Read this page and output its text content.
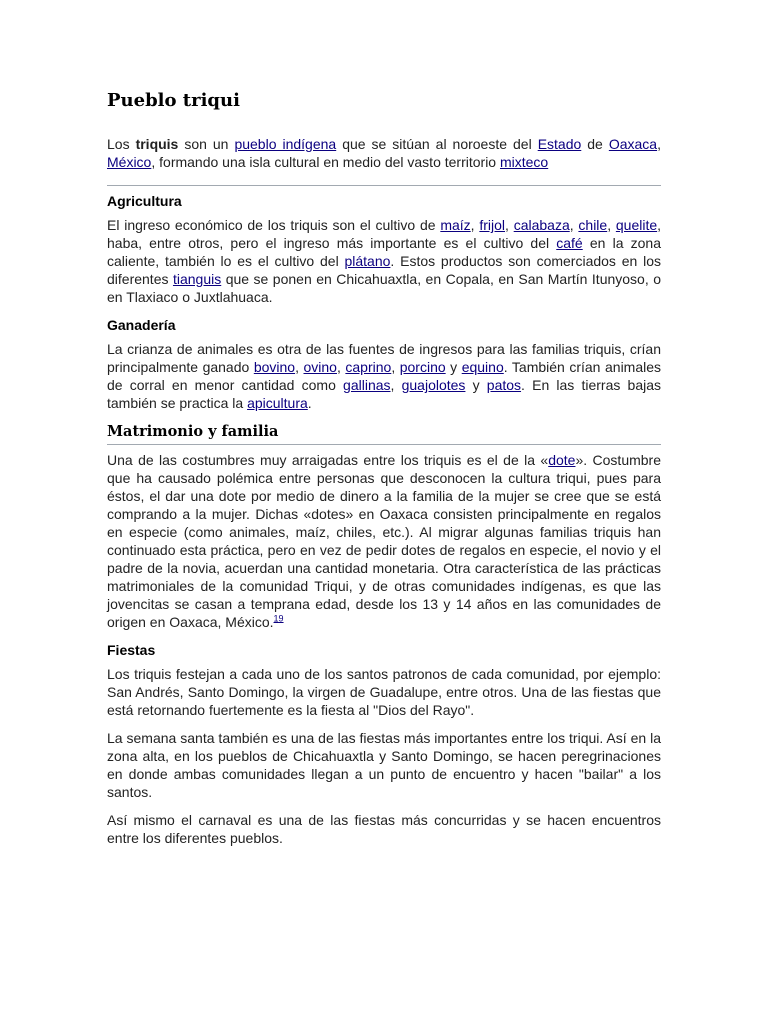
Pueblo triqui

Los triquis son un pueblo indígena que se sitúan al noroeste del Estado de Oaxaca, México, formando una isla cultural en medio del vasto territorio mixteco

Agricultura

El ingreso económico de los triquis son el cultivo de maíz, frijol, calabaza, chile, quelite, haba, entre otros, pero el ingreso más importante es el cultivo del café en la zona caliente, también lo es el cultivo del plátano. Estos productos son comerciados en los diferentes tianguis que se ponen en Chicahuaxtla, en Copala, en San Martín Itunyoso, o en Tlaxiaco o Juxtlahuaca.

Ganadería

La crianza de animales es otra de las fuentes de ingresos para las familias triquis, crían principalmente ganado bovino, ovino, caprino, porcino y equino. También crían animales de corral en menor cantidad como gallinas, guajolotes y patos. En las tierras bajas también se practica la apicultura.

Matrimonio y familia

Una de las costumbres muy arraigadas entre los triquis es el de la «dote». Costumbre que ha causado polémica entre personas que desconocen la cultura triqui, pues para éstos, el dar una dote por medio de dinero a la familia de la mujer se cree que se está comprando a la mujer. Dichas «dotes» en Oaxaca consisten principalmente en regalos en especie (como animales, maíz, chiles, etc.). Al migrar algunas familias triquis han continuado esta práctica, pero en vez de pedir dotes de regalos en especie, el novio y el padre de la novia, acuerdan una cantidad monetaria. Otra característica de las prácticas matrimoniales de la comunidad Triqui, y de otras comunidades indígenas, es que las jovencitas se casan a temprana edad, desde los 13 y 14 años en las comunidades de origen en Oaxaca, México.$^{19}$

Fiestas

Los triquis festejan a cada uno de los santos patronos de cada comunidad, por ejemplo: San Andrés, Santo Domingo, la virgen de Guadalupe, entre otros. Una de las fiestas que está retornando fuertemente es la fiesta al "Dios del Rayo".

La semana santa también es una de las fiestas más importantes entre los triqui. Así en la zona alta, en los pueblos de Chicahuaxtla y Santo Domingo, se hacen peregrinaciones en donde ambas comunidades llegan a un punto de encuentro y hacen "bailar" a los santos.

Así mismo el carnaval es una de las fiestas más concurridas y se hacen encuentros entre los diferentes pueblos.
